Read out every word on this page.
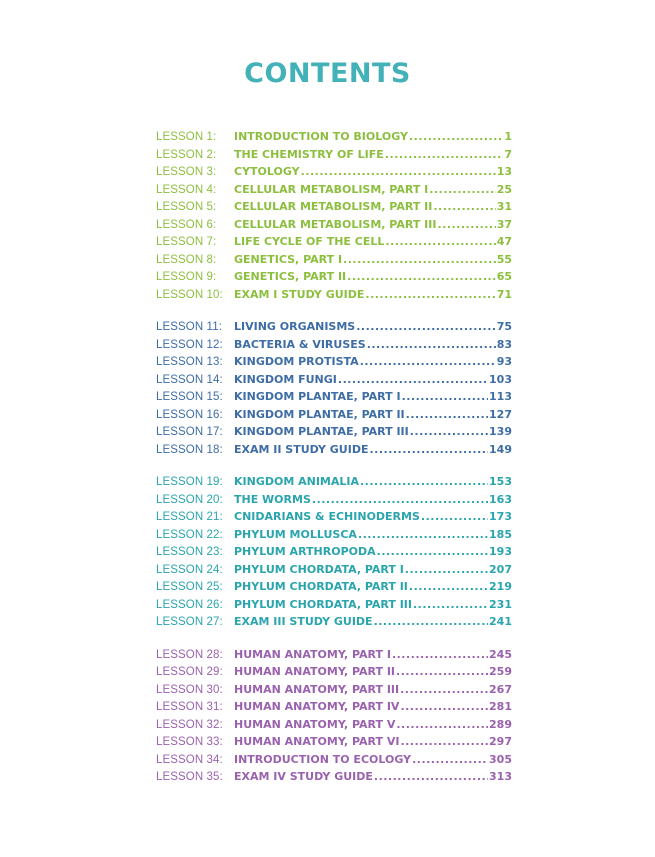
CONTENTS
LESSON 1:	INTRODUCTION TO BIOLOGY .....	1
LESSON 2:	THE CHEMISTRY OF LIFE .....	7
LESSON 3:	CYTOLOGY .....	13
LESSON 4:	CELLULAR METABOLISM, PART I .....	25
LESSON 5:	CELLULAR METABOLISM, PART II .....	31
LESSON 6:	CELLULAR METABOLISM, PART III .....	37
LESSON 7:	LIFE CYCLE OF THE CELL .....	47
LESSON 8:	GENETICS, PART I .....	55
LESSON 9:	GENETICS, PART II .....	65
LESSON 10:	EXAM I STUDY GUIDE .....	71
LESSON 11:	LIVING ORGANISMS .....	75
LESSON 12:	BACTERIA & VIRUSES .....	83
LESSON 13:	KINGDOM PROTISTA .....	93
LESSON 14:	KINGDOM FUNGI .....	103
LESSON 15:	KINGDOM PLANTAE, PART I .....	113
LESSON 16:	KINGDOM PLANTAE, PART II .....	127
LESSON 17:	KINGDOM PLANTAE, PART III .....	139
LESSON 18:	EXAM II STUDY GUIDE .....	149
LESSON 19:	KINGDOM ANIMALIA .....	153
LESSON 20:	THE WORMS .....	163
LESSON 21:	CNIDARIANS & ECHINODERMS .....	173
LESSON 22:	PHYLUM MOLLUSCA .....	185
LESSON 23:	PHYLUM ARTHROPODA .....	193
LESSON 24:	PHYLUM CHORDATA, PART I .....	207
LESSON 25:	PHYLUM CHORDATA, PART II .....	219
LESSON 26:	PHYLUM CHORDATA, PART III .....	231
LESSON 27:	EXAM III STUDY GUIDE .....	241
LESSON 28:	HUMAN ANATOMY, PART I .....	245
LESSON 29:	HUMAN ANATOMY, PART II .....	259
LESSON 30:	HUMAN ANATOMY, PART III .....	267
LESSON 31:	HUMAN ANATOMY, PART IV .....	281
LESSON 32:	HUMAN ANATOMY, PART V .....	289
LESSON 33:	HUMAN ANATOMY, PART VI .....	297
LESSON 34:	INTRODUCTION TO ECOLOGY .....	305
LESSON 35:	EXAM IV STUDY GUIDE .....	313
